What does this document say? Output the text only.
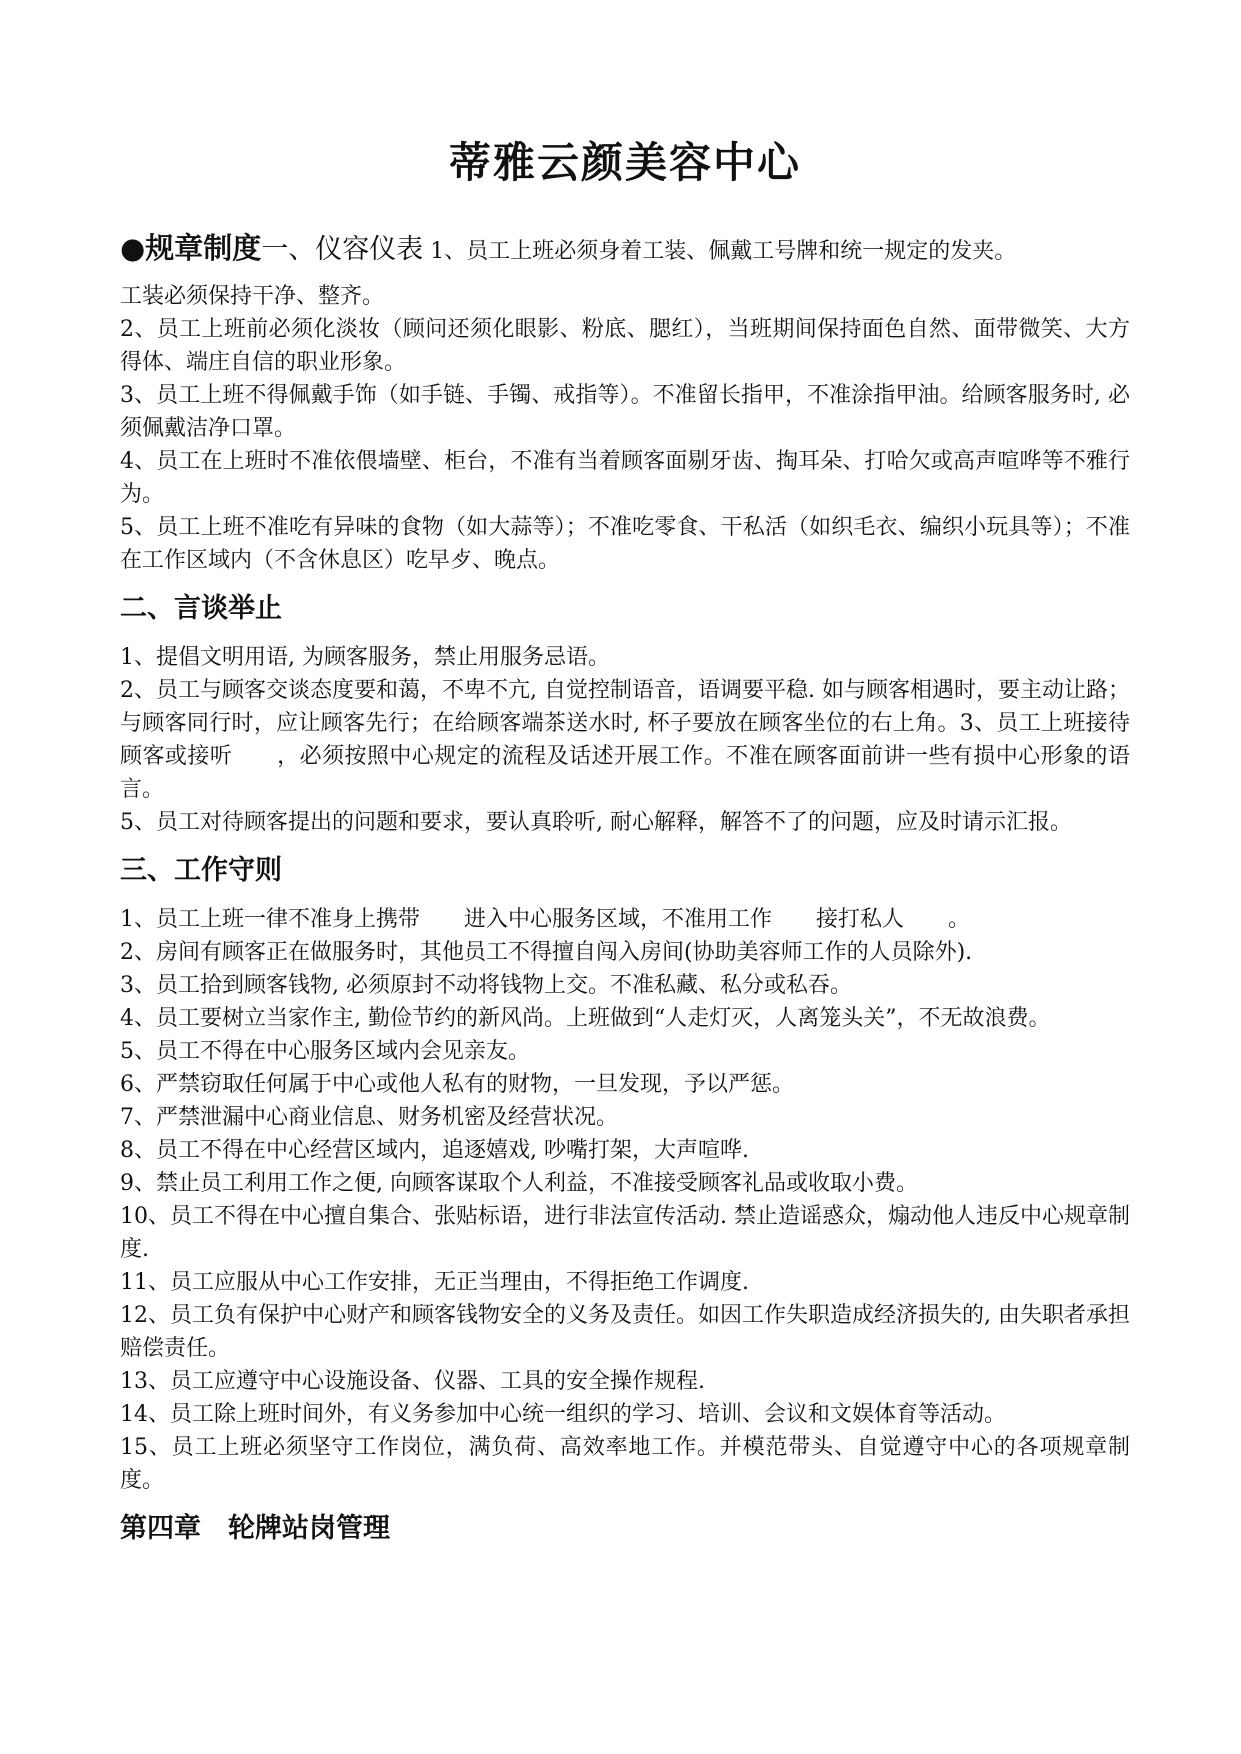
蒂雅云颜美容中心

●规章制度一、仪容仪表 1、员工上班必须身着工装、佩戴工号牌和统一规定的发夹。

工装必须保持干净、整齐。

2、员工上班前必须化淡妆（顾问还须化眼影、粉底、腮红），当班期间保持面色自然、面带微笑、大方得体、端庄自信的职业形象。

3、员工上班不得佩戴手饰（如手链、手镯、戒指等）。不准留长指甲，不准涂指甲油。给顾客服务时, 必须佩戴洁净口罩。

4、员工在上班时不准依偎墙壁、柜台，不准有当着顾客面剔牙齿、掏耳朵、打哈欠或高声喧哗等不雅行为。

5、员工上班不准吃有异味的食物（如大蒜等）；不准吃零食、干私活（如织毛衣、编织小玩具等）；不准在工作区域内（不含休息区）吃早歺、晚点。

二、言谈举止

1、提倡文明用语, 为顾客服务，禁止用服务忌语。

2、员工与顾客交谈态度要和蔼，不卑不亢, 自觉控制语音，语调要平稳. 如与顾客相遇时，要主动让路；与顾客同行时，应让顾客先行；在给顾客端茶送水时, 杯子要放在顾客坐位的右上角。3、员工上班接待顾客或接听　　，必须按照中心规定的流程及话述开展工作。不准在顾客面前讲一些有损中心形象的语言。

5、员工对待顾客提出的问题和要求，要认真聆听, 耐心解释，解答不了的问题，应及时请示汇报。

三、工作守则

1、员工上班一律不准身上携带　　进入中心服务区域，不准用工作　　接打私人　　。

2、房间有顾客正在做服务时，其他员工不得擅自闯入房间(协助美容师工作的人员除外).

3、员工拾到顾客钱物, 必须原封不动将钱物上交。不准私藏、私分或私吞。

4、员工要树立当家作主, 勤俭节约的新风尚。上班做到“人走灯灭，人离笼头关”，不无故浪费。

5、员工不得在中心服务区域内会见亲友。

6、严禁窃取任何属于中心或他人私有的财物，一旦发现，予以严惩。

7、严禁泄漏中心商业信息、财务机密及经营状况。

8、员工不得在中心经营区域内，追逐嬉戏, 吵嘴打架，大声喧哗.

9、禁止员工利用工作之便, 向顾客谋取个人利益，不准接受顾客礼品或收取小费。

10、员工不得在中心擅自集合、张贴标语，进行非法宣传活动. 禁止造谣惑众，煽动他人违反中心规章制度.

11、员工应服从中心工作安排，无正当理由，不得拒绝工作调度.

12、员工负有保护中心财产和顾客钱物安全的义务及责任。如因工作失职造成经济损失的, 由失职者承担赔偿责任。

13、员工应遵守中心设施设备、仪器、工具的安全操作规程.

14、员工除上班时间外，有义务参加中心统一组织的学习、培训、会议和文娱体育等活动。

15、员工上班必须坚守工作岗位，满负荷、高效率地工作。并模范带头、自觉遵守中心的各项规章制度。

第四章　轮牌站岗管理
